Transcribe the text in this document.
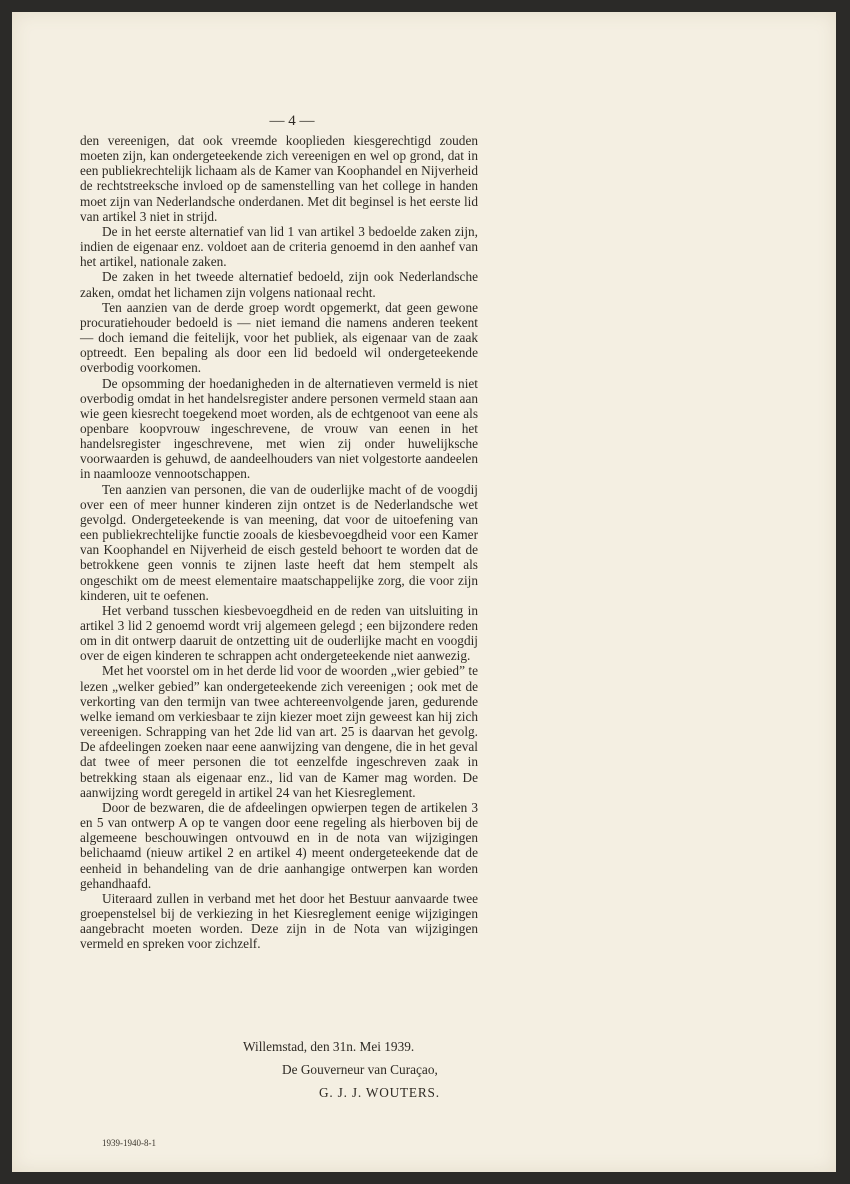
— 4 —

den vereenigen, dat ook vreemde kooplieden kiesgerechtigd zouden moeten zijn, kan ondergeteekende zich vereenigen en wel op grond, dat in een publiekrechtelijk lichaam als de Kamer van Koophandel en Nijverheid de rechtstreeksche invloed op de samenstelling van het college in handen moet zijn van Nederlandsche onderdanen. Met dit beginsel is het eerste lid van artikel 3 niet in strijd.

De in het eerste alternatief van lid 1 van artikel 3 bedoelde zaken zijn, indien de eigenaar enz. voldoet aan de criteria genoemd in den aanhef van het artikel, nationale zaken.

De zaken in het tweede alternatief bedoeld, zijn ook Nederlandsche zaken, omdat het lichamen zijn volgens nationaal recht.

Ten aanzien van de derde groep wordt opgemerkt, dat geen gewone procuratiehouder bedoeld is — niet iemand die namens anderen teekent — doch iemand die feitelijk, voor het publiek, als eigenaar van de zaak optreedt. Een bepaling als door een lid bedoeld wil ondergeteekende overbodig voorkomen.

De opsomming der hoedanigheden in de alternatieven vermeld is niet overbodig omdat in het handelsregister andere personen vermeld staan aan wie geen kiesrecht toegekend moet worden, als de echtgenoot van eene als openbare koopvrouw ingeschrevene, de vrouw van eenen in het handelsregister ingeschrevene, met wien zij onder huwelijksche voorwaarden is gehuwd, de aandeelhouders van niet volgestorte aandeelen in naamlooze vennootschappen.

Ten aanzien van personen, die van de ouderlijke macht of de voogdij over een of meer hunner kinderen zijn ontzet is de Nederlandsche wet gevolgd. Ondergeteekende is van meening, dat voor de uitoefening van een publiekrechtelijke functie zooals de kiesbevoegdheid voor een Kamer van Koophandel en Nijverheid de eisch gesteld behoort te worden dat de betrokkene geen vonnis te zijnen laste heeft dat hem stempelt als ongeschikt om de meest elementaire maatschappelijke zorg, die voor zijn kinderen, uit te oefenen.

Het verband tusschen kiesbevoegdheid en de reden van uitsluiting in artikel 3 lid 2 genoemd wordt vrij algemeen gelegd ; een bijzondere reden om in dit ontwerp daaruit de ontzetting uit de ouderlijke macht en voogdij over de eigen kinderen te schrappen acht ondergeteekende niet aanwezig.

Met het voorstel om in het derde lid voor de woorden „wier gebied” te lezen „welker gebied” kan ondergeteekende zich vereenigen ; ook met de verkorting van den termijn van twee achtereenvolgende jaren, gedurende welke iemand om verkiesbaar te zijn kiezer moet zijn geweest kan hij zich vereenigen. Schrapping van het 2de lid van art. 25 is daarvan het gevolg. De afdeelingen zoeken naar eene aanwijzing van dengene, die in het geval dat twee of meer personen die tot eenzelfde ingeschreven zaak in betrekking staan als eigenaar enz., lid van de Kamer mag worden. De aanwijzing wordt geregeld in artikel 24 van het Kiesreglement.

Door de bezwaren, die de afdeelingen opwierpen tegen de artikelen 3 en 5 van ontwerp A op te vangen door eene regeling als hierboven bij de algemeene beschouwingen ontvouwd en in de nota van wijzigingen belichaamd (nieuw artikel 2 en artikel 4) meent ondergeteekende dat de eenheid in behandeling van de drie aanhangige ontwerpen kan worden gehandhaafd.

Uiteraard zullen in verband met het door het Bestuur aanvaarde twee groepenstelsel bij de verkiezing in het Kiesreglement eenige wijzigingen aangebracht moeten worden. Deze zijn in de Nota van wijzigingen vermeld en spreken voor zichzelf.

Willemstad, den 31n. Mei 1939.
De Gouverneur van Curaçao,
G. J. J. WOUTERS.
1939-1940-8-1
